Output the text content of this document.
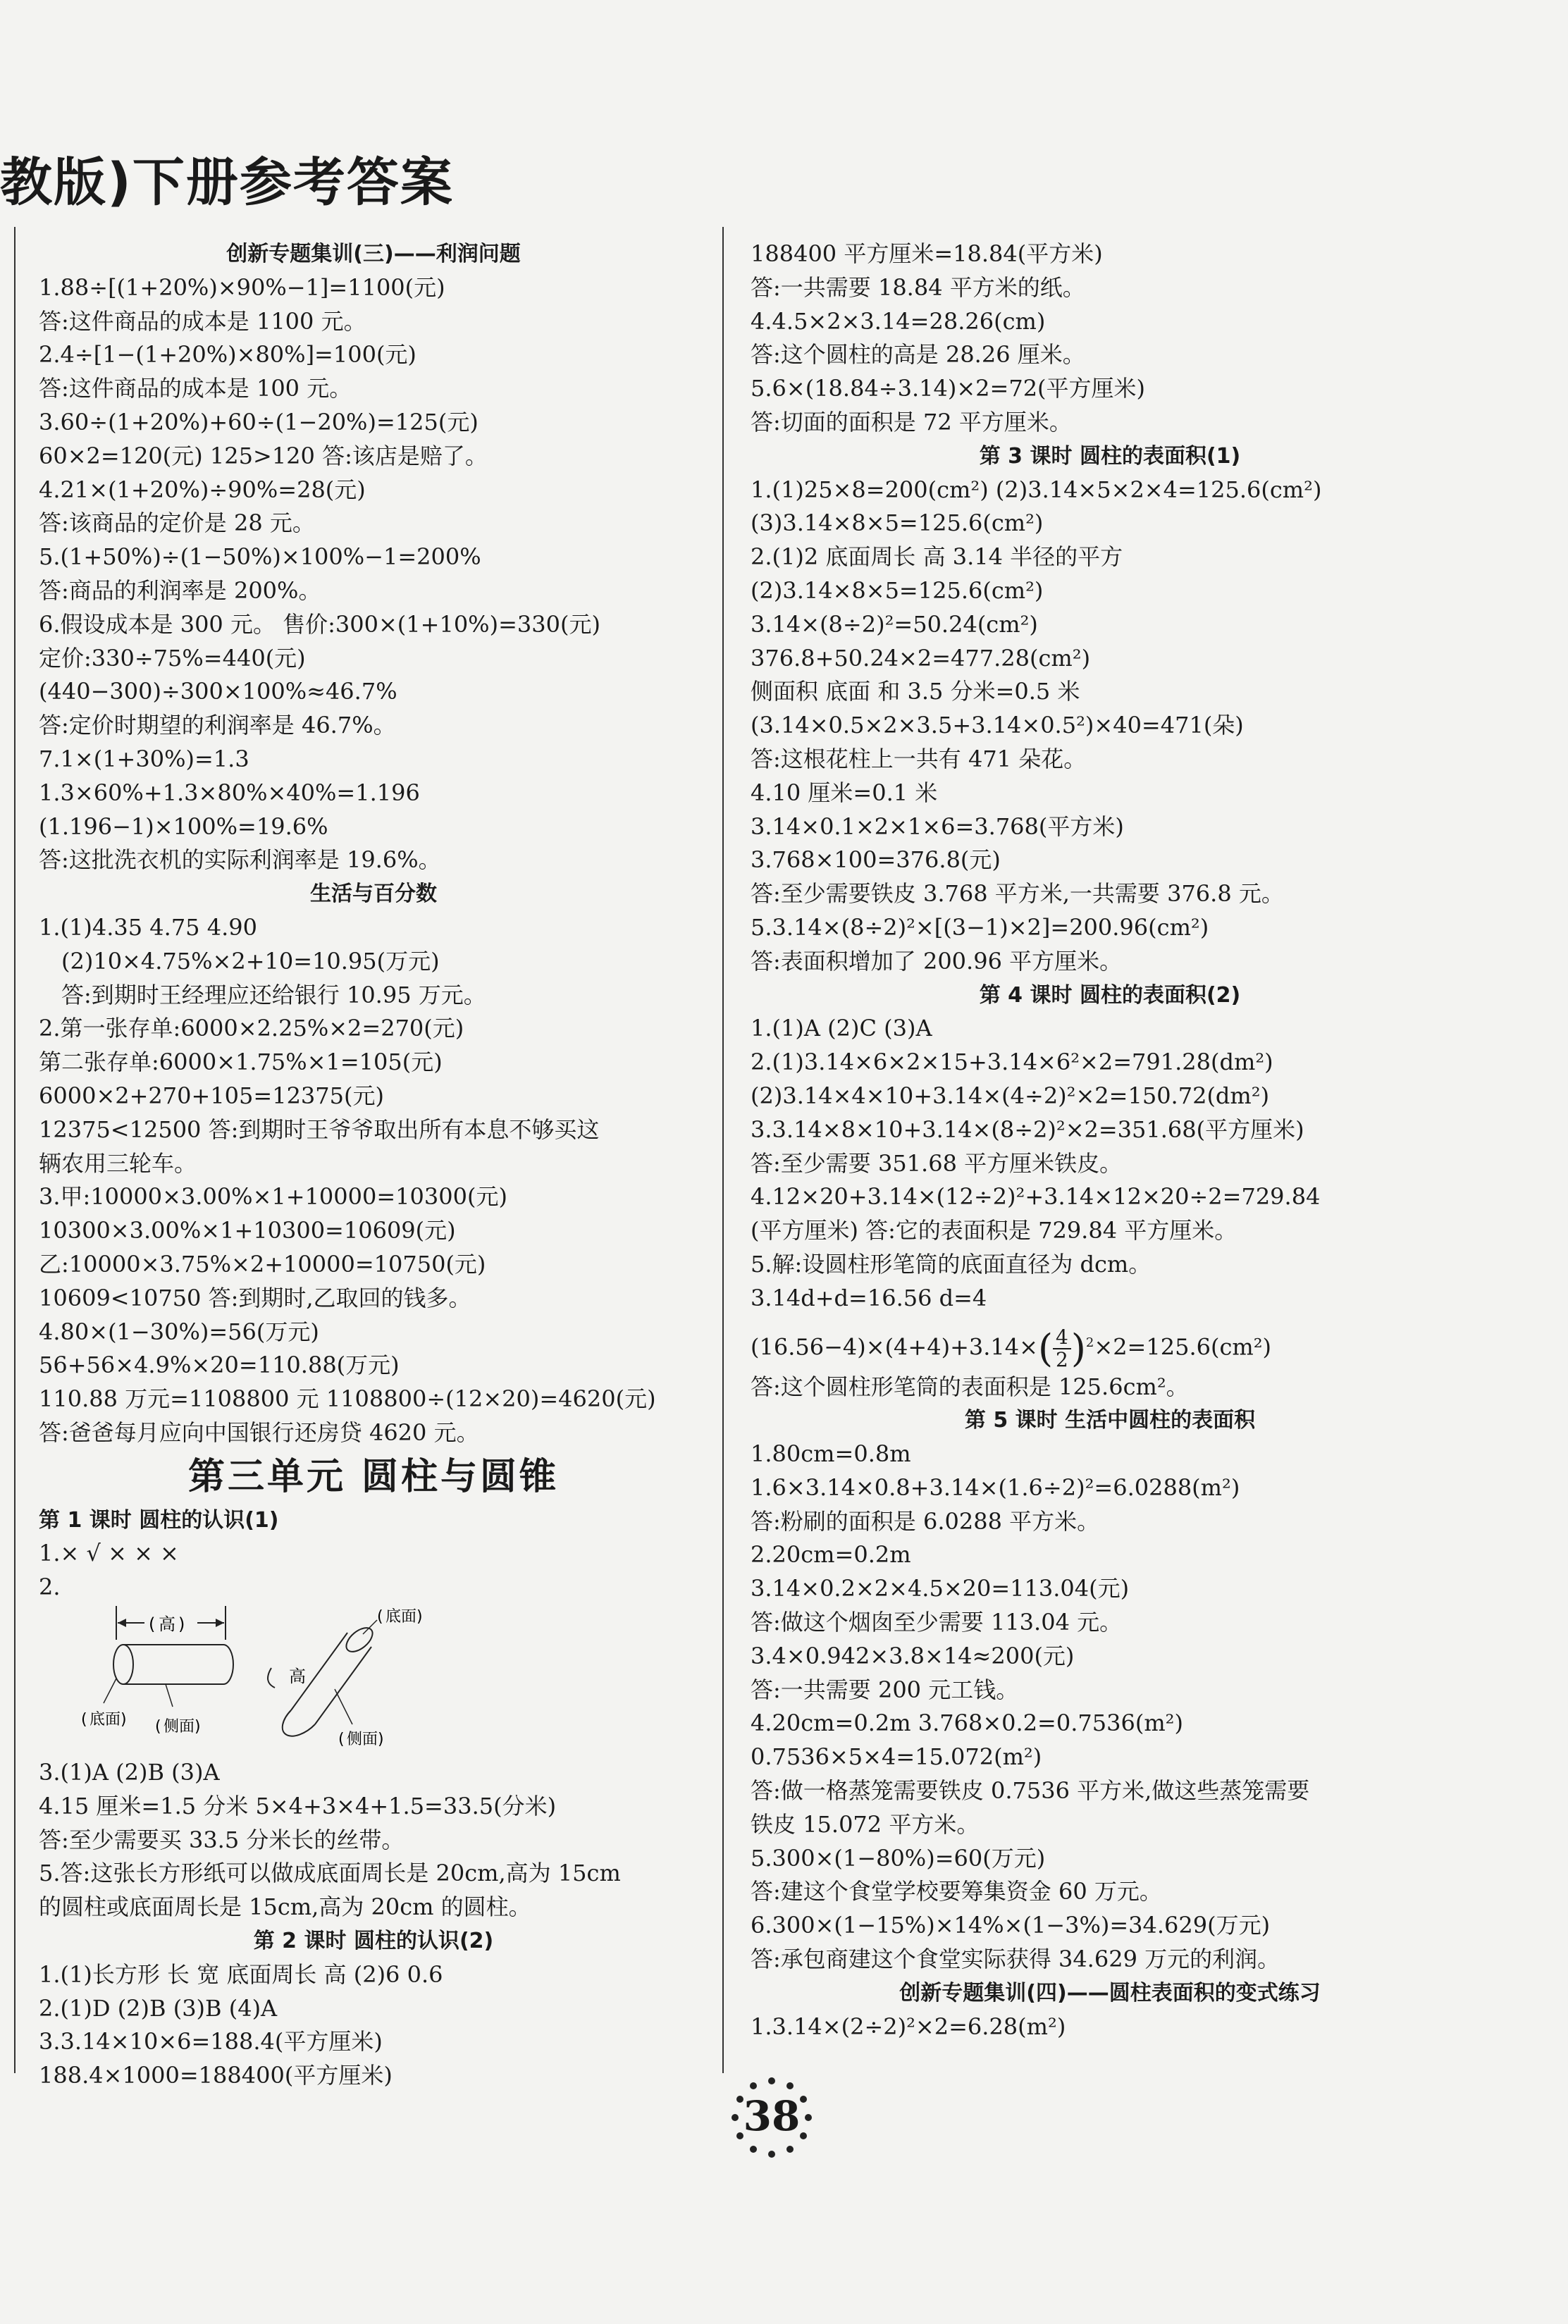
教版)下册参考答案
创新专题集训(三)——利润问题
1.88÷[(1+20%)×90%−1]=1100(元)
答:这件商品的成本是 1100 元。
2.4÷[1−(1+20%)×80%]=100(元)
答:这件商品的成本是 100 元。
3.60÷(1+20%)+60÷(1−20%)=125(元)
60×2=120(元) 125>120 答:该店是赔了。
4.21×(1+20%)÷90%=28(元)
答:该商品的定价是 28 元。
5.(1+50%)÷(1−50%)×100%−1=200%
答:商品的利润率是 200%。
6.假设成本是 300 元。 售价:300×(1+10%)=330(元)
定价:330÷75%=440(元)
(440−300)÷300×100%≈46.7%
答:定价时期望的利润率是 46.7%。
7.1×(1+30%)=1.3
1.3×60%+1.3×80%×40%=1.196
(1.196−1)×100%=19.6%
答:这批洗衣机的实际利润率是 19.6%。
生活与百分数
1.(1)4.35 4.75 4.90
(2)10×4.75%×2+10=10.95(万元)
答:到期时王经理应还给银行 10.95 万元。
2.第一张存单:6000×2.25%×2=270(元)
第二张存单:6000×1.75%×1=105(元)
6000×2+270+105=12375(元)
12375<12500 答:到期时王爷爷取出所有本息不够买这
辆农用三轮车。
3.甲:10000×3.00%×1+10000=10300(元)
10300×3.00%×1+10300=10609(元)
乙:10000×3.75%×2+10000=10750(元)
10609<10750 答:到期时,乙取回的钱多。
4.80×(1−30%)=56(万元)
56+56×4.9%×20=110.88(万元)
110.88 万元=1108800 元 1108800÷(12×20)=4620(元)
答:爸爸每月应向中国银行还房贷 4620 元。
第三单元 圆柱与圆锥
第 1 课时 圆柱的认识(1)
1.× √ × × ×
2.
( 高 )
( 底面 ) ( 侧面 )
高
( 底面 )
( 侧面 )
3.(1)A (2)B (3)A
4.15 厘米=1.5 分米 5×4+3×4+1.5=33.5(分米)
答:至少需要买 33.5 分米长的丝带。
5.答:这张长方形纸可以做成底面周长是 20cm,高为 15cm
的圆柱或底面周长是 15cm,高为 20cm 的圆柱。
第 2 课时 圆柱的认识(2)
1.(1)长方形 长 宽 底面周长 高 (2)6 0.6
2.(1)D (2)B (3)B (4)A
3.3.14×10×6=188.4(平方厘米)
188.4×1000=188400(平方厘米)
188400 平方厘米=18.84(平方米)
答:一共需要 18.84 平方米的纸。
4.4.5×2×3.14=28.26(cm)
答:这个圆柱的高是 28.26 厘米。
5.6×(18.84÷3.14)×2=72(平方厘米)
答:切面的面积是 72 平方厘米。
第 3 课时 圆柱的表面积(1)
1.(1)25×8=200(cm²) (2)3.14×5×2×4=125.6(cm²)
(3)3.14×8×5=125.6(cm²)
2.(1)2 底面周长 高 3.14 半径的平方
(2)3.14×8×5=125.6(cm²)
3.14×(8÷2)²=50.24(cm²)
376.8+50.24×2=477.28(cm²)
侧面积 底面 和 3.5 分米=0.5 米
(3.14×0.5×2×3.5+3.14×0.5²)×40=471(朵)
答:这根花柱上一共有 471 朵花。
4.10 厘米=0.1 米
3.14×0.1×2×1×6=3.768(平方米)
3.768×100=376.8(元)
答:至少需要铁皮 3.768 平方米,一共需要 376.8 元。
5.3.14×(8÷2)²×[(3−1)×2]=200.96(cm²)
答:表面积增加了 200.96 平方厘米。
第 4 课时 圆柱的表面积(2)
1.(1)A (2)C (3)A
2.(1)3.14×6×2×15+3.14×6²×2=791.28(dm²)
(2)3.14×4×10+3.14×(4÷2)²×2=150.72(dm²)
3.3.14×8×10+3.14×(8÷2)²×2=351.68(平方厘米)
答:至少需要 351.68 平方厘米铁皮。
4.12×20+3.14×(12÷2)²+3.14×12×20÷2=729.84
(平方厘米) 答:它的表面积是 729.84 平方厘米。
5.解:设圆柱形笔筒的底面直径为 dcm。
3.14d+d=16.56 d=4
$(16.56-4)\times(4+4)+3.14\times( \frac{4}{2} )^2\times 2=125.6(cm^2)$
答:这个圆柱形笔筒的表面积是 125.6cm²。
第 5 课时 生活中圆柱的表面积
1.80cm=0.8m
1.6×3.14×0.8+3.14×(1.6÷2)²=6.0288(m²)
答:粉刷的面积是 6.0288 平方米。
2.20cm=0.2m
3.14×0.2×2×4.5×20=113.04(元)
答:做这个烟囱至少需要 113.04 元。
3.4×0.942×3.8×14≈200(元)
答:一共需要 200 元工钱。
4.20cm=0.2m 3.768×0.2=0.7536(m²)
0.7536×5×4=15.072(m²)
答:做一格蒸笼需要铁皮 0.7536 平方米,做这些蒸笼需要
铁皮 15.072 平方米。
5.300×(1−80%)=60(万元)
答:建这个食堂学校要筹集资金 60 万元。
6.300×(1−15%)×14%×(1−3%)=34.629(万元)
答:承包商建这个食堂实际获得 34.629 万元的利润。
创新专题集训(四)——圆柱表面积的变式练习
1.3.14×(2÷2)²×2=6.28(m²)
38
